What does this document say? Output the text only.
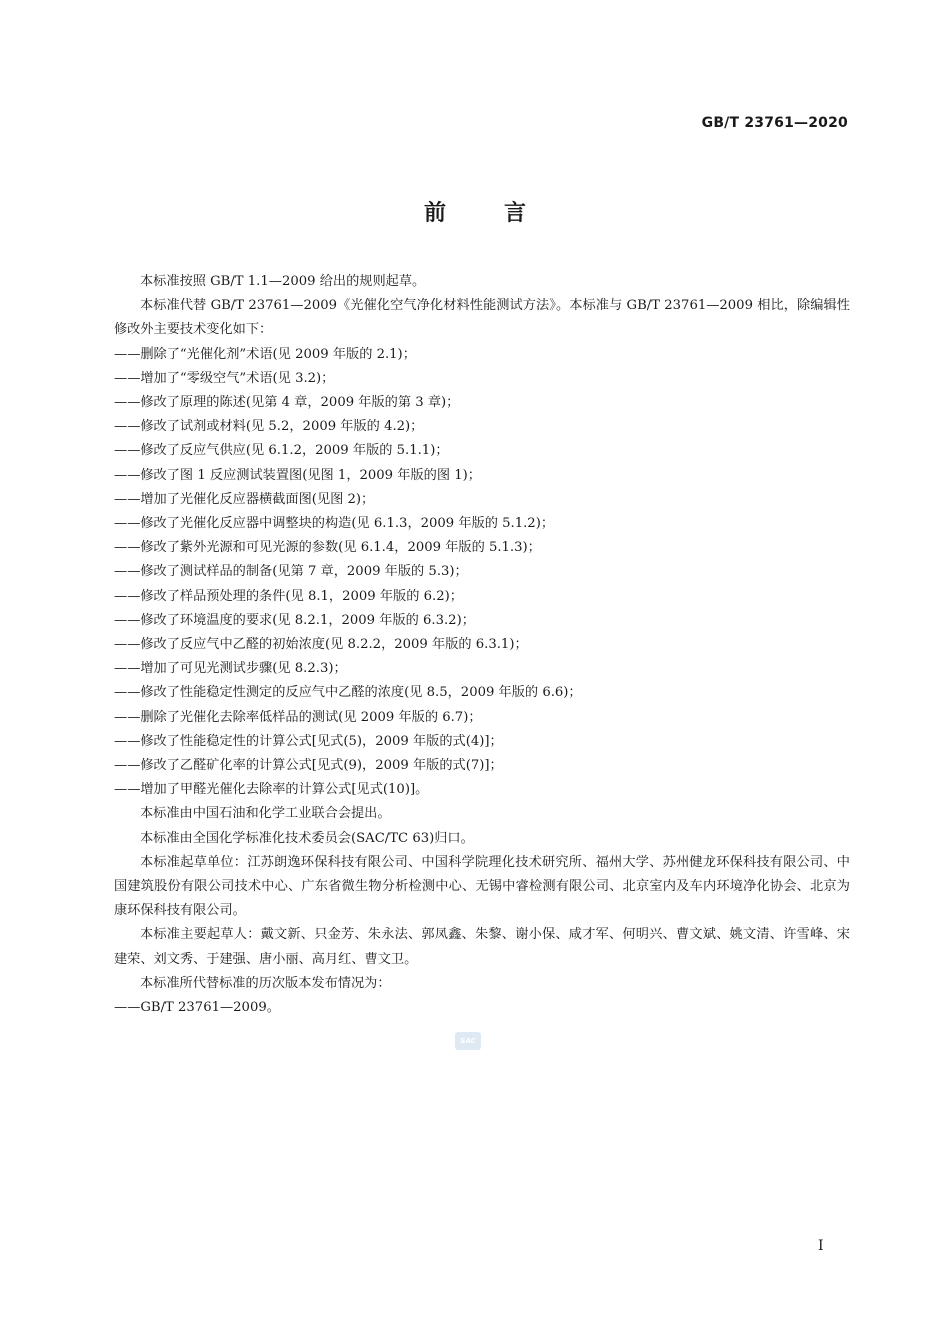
GB/T 23761—2020
前言

本标准按照 GB/T 1.1—2009 给出的规则起草。

本标准代替 GB/T 23761—2009《光催化空气净化材料性能测试方法》。本标准与 GB/T 23761—2009 相比，除编辑性修改外主要技术变化如下：

——删除了“光催化剂”术语(见 2009 年版的 2.1)；

——增加了“零级空气”术语(见 3.2)；

——修改了原理的陈述(见第 4 章，2009 年版的第 3 章)；

——修改了试剂或材料(见 5.2，2009 年版的 4.2)；

——修改了反应气供应(见 6.1.2，2009 年版的 5.1.1)；

——修改了图 1 反应测试装置图(见图 1，2009 年版的图 1)；

——增加了光催化反应器横截面图(见图 2)；

——修改了光催化反应器中调整块的构造(见 6.1.3，2009 年版的 5.1.2)；

——修改了紫外光源和可见光源的参数(见 6.1.4，2009 年版的 5.1.3)；

——修改了测试样品的制备(见第 7 章，2009 年版的 5.3)；

——修改了样品预处理的条件(见 8.1，2009 年版的 6.2)；

——修改了环境温度的要求(见 8.2.1，2009 年版的 6.3.2)；

——修改了反应气中乙醛的初始浓度(见 8.2.2，2009 年版的 6.3.1)；

——增加了可见光测试步骤(见 8.2.3)；

——修改了性能稳定性测定的反应气中乙醛的浓度(见 8.5，2009 年版的 6.6)；

——删除了光催化去除率低样品的测试(见 2009 年版的 6.7)；

——修改了性能稳定性的计算公式[见式(5)，2009 年版的式(4)]；

——修改了乙醛矿化率的计算公式[见式(9)，2009 年版的式(7)]；

——增加了甲醛光催化去除率的计算公式[见式(10)]。

本标准由中国石油和化学工业联合会提出。

本标准由全国化学标准化技术委员会(SAC/TC 63)归口。

本标准起草单位：江苏朗逸环保科技有限公司、中国科学院理化技术研究所、福州大学、苏州健龙环保科技有限公司、中国建筑股份有限公司技术中心、广东省微生物分析检测中心、无锡中睿检测有限公司、北京室内及车内环境净化协会、北京为康环保科技有限公司。

本标准主要起草人：戴文新、只金芳、朱永法、郭凤鑫、朱黎、谢小保、咸才军、何明兴、曹文斌、姚文清、许雪峰、宋建荣、刘文秀、于建强、唐小丽、高月红、曹文卫。

本标准所代替标准的历次版本发布情况为：

——GB/T 23761—2009。

SAC
I
